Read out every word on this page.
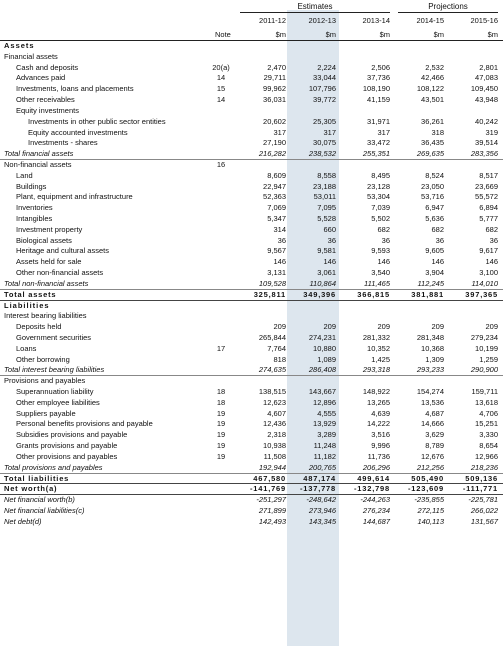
Estimates	Projections
2011-12	2012-13	2013-14	2014-15	2015-16
Note	$m	$m	$m	$m	$m
Assets
Financial assets
Cash and deposits	20(a)	2,470	2,224	2,506	2,532	2,801
Advances paid	14	29,711	33,044	37,736	42,466	47,083
Investments, loans and placements	15	99,962	107,796	108,190	108,122	109,450
Other receivables	14	36,031	39,772	41,159	43,501	43,948
Equity investments
Investments in other public sector entities	20,602	25,305	31,971	36,261	40,242
Equity accounted investments	317	317	317	318	319
Investments - shares	27,190	30,075	33,472	36,435	39,514
Total financial assets	216,282	238,532	255,351	269,635	283,356
Non-financial assets	16
Land	8,609	8,558	8,495	8,524	8,517
Buildings	22,947	23,188	23,128	23,050	23,669
Plant, equipment and infrastructure	52,363	53,011	53,304	53,716	55,572
Inventories	7,069	7,095	7,039	6,947	6,894
Intangibles	5,347	5,528	5,502	5,636	5,777
Investment property	314	660	682	682	682
Biological assets	36	36	36	36	36
Heritage and cultural assets	9,567	9,581	9,593	9,605	9,617
Assets held for sale	146	146	146	146	146
Other non-financial assets	3,131	3,061	3,540	3,904	3,100
Total non-financial assets	109,528	110,864	111,465	112,245	114,010
Total assets	325,811	349,396	366,815	381,881	397,365
Liabilities
Interest bearing liabilities
Deposits held	209	209	209	209	209
Government securities	265,844	274,231	281,332	281,348	279,234
Loans	17	7,764	10,880	10,352	10,368	10,199
Other borrowing	818	1,089	1,425	1,309	1,259
Total interest bearing liabilities	274,635	286,408	293,318	293,233	290,900
Provisions and payables
Superannuation liability	18	138,515	143,667	148,922	154,274	159,711
Other employee liabilities	18	12,623	12,896	13,265	13,536	13,618
Suppliers payable	19	4,607	4,555	4,639	4,687	4,706
Personal benefits provisions and payable	19	12,436	13,929	14,222	14,666	15,251
Subsidies provisions and payable	19	2,318	3,289	3,516	3,629	3,330
Grants provisions and payable	19	10,938	11,248	9,996	8,789	8,654
Other provisions and payables	19	11,508	11,182	11,736	12,676	12,966
Total provisions and payables	192,944	200,765	206,296	212,256	218,236
Total liabilities	467,580	487,174	499,614	505,490	509,136
Net worth(a)	-141,769	-137,778	-132,798	-123,609	-111,771
Net financial worth(b)	-251,297	-248,642	-244,263	-235,855	-225,781
Net financial liabilities(c)	271,899	273,946	276,234	272,115	266,022
Net debt(d)	142,493	143,345	144,687	140,113	131,567
